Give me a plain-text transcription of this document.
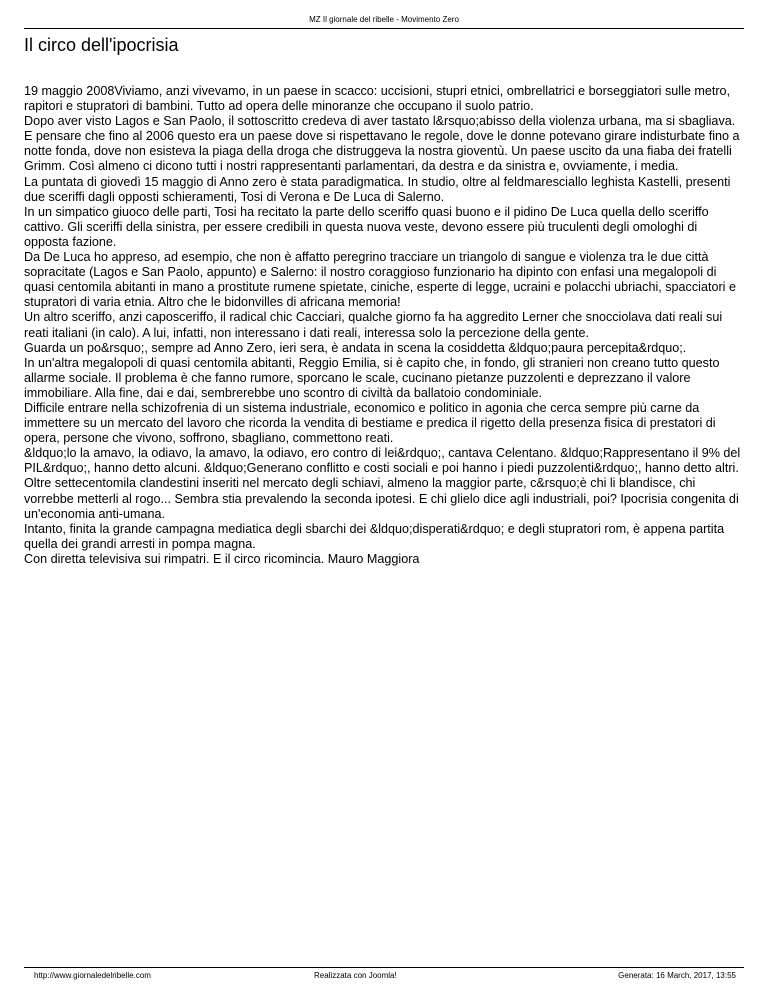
MZ Il giornale del ribelle - Movimento Zero
Il circo dell'ipocrisia

19 maggio 2008Viviamo, anzi vivevamo, in un paese in scacco: uccisioni, stupri etnici, ombrellatrici e borseggiatori sulle metro, rapitori e stupratori di bambini. Tutto ad opera delle minoranze che occupano il suolo patrio.

Dopo aver visto Lagos e San Paolo, il sottoscritto credeva di aver tastato l&rsquo;abisso della violenza urbana, ma si sbagliava.

E pensare che fino al 2006 questo era un paese dove si rispettavano le regole, dove le donne potevano girare indisturbate fino a notte fonda, dove non esisteva la piaga della droga che distruggeva la nostra gioventù. Un paese uscito da una fiaba dei fratelli Grimm. Così almeno ci dicono tutti i nostri rappresentanti parlamentari, da destra e da sinistra e, ovviamente, i media.

La puntata di giovedì 15 maggio di Anno zero è stata paradigmatica. In studio, oltre al feldmaresciallo leghista Kastelli, presenti due sceriffi dagli opposti schieramenti, Tosi di Verona e De Luca di Salerno.

In un simpatico giuoco delle parti, Tosi ha recitato la parte dello sceriffo quasi buono e il pidino De Luca quella dello sceriffo cattivo. Gli sceriffi della sinistra, per essere credibili in questa nuova veste, devono essere più truculenti degli omologhi di opposta fazione.

Da De Luca ho appreso, ad esempio, che non è affatto peregrino tracciare un triangolo di sangue e violenza tra le due città sopracitate (Lagos e San Paolo, appunto) e Salerno: il nostro coraggioso funzionario ha dipinto con enfasi una megalopoli di quasi centomila abitanti in mano a prostitute rumene spietate, ciniche, esperte di legge, ucraini e polacchi ubriachi, spacciatori e stupratori di varia etnia. Altro che le bidonvilles di africana memoria!

Un altro sceriffo, anzi caposceriffo, il radical chic Cacciari, qualche giorno fa ha aggredito Lerner che snocciolava dati reali sui reati italiani (in calo). A lui, infatti, non interessano i dati reali, interessa solo la percezione della gente.

Guarda un po&rsquo;, sempre ad Anno Zero, ieri sera, è andata in scena la cosiddetta &ldquo;paura percepita&rdquo;.

In un'altra megalopoli di quasi centomila abitanti, Reggio Emilia, si è capito che, in fondo, gli stranieri non creano tutto questo allarme sociale. Il problema è che fanno rumore, sporcano le scale, cucinano pietanze puzzolenti e deprezzano il valore immobiliare. Alla fine, dai e dai, sembrerebbe uno scontro di civiltà da ballatoio condominiale.

Difficile entrare nella schizofrenia di un sistema industriale, economico e politico in agonia che cerca sempre più carne da immettere su un mercato del lavoro che ricorda la vendita di bestiame e predica il rigetto della presenza fisica di prestatori di opera, persone che vivono, soffrono, sbagliano, commettono reati.

&ldquo;lo la amavo, la odiavo, la amavo, la odiavo, ero contro di lei&rdquo;, cantava Celentano. &ldquo;Rappresentano il 9% del PIL&rdquo;, hanno detto alcuni. &ldquo;Generano conflitto e costi sociali e poi hanno i piedi puzzolenti&rdquo;, hanno detto altri.

Oltre settecentomila clandestini inseriti nel mercato degli schiavi, almeno la maggior parte, c&rsquo;è chi li blandisce, chi vorrebbe metterli al rogo... Sembra stia prevalendo la seconda ipotesi. E chi glielo dice agli industriali, poi? Ipocrisia congenita di un'economia anti-umana.

Intanto, finita la grande campagna mediatica degli sbarchi dei &ldquo;disperati&rdquo; e degli stupratori rom, è appena partita quella dei grandi arresti in pompa magna.

Con diretta televisiva sui rimpatri. E il circo ricomincia. Mauro Maggiora

http://www.giornaledelribelle.com	Realizzata con Joomla!	Generata: 16 March, 2017, 13:55
